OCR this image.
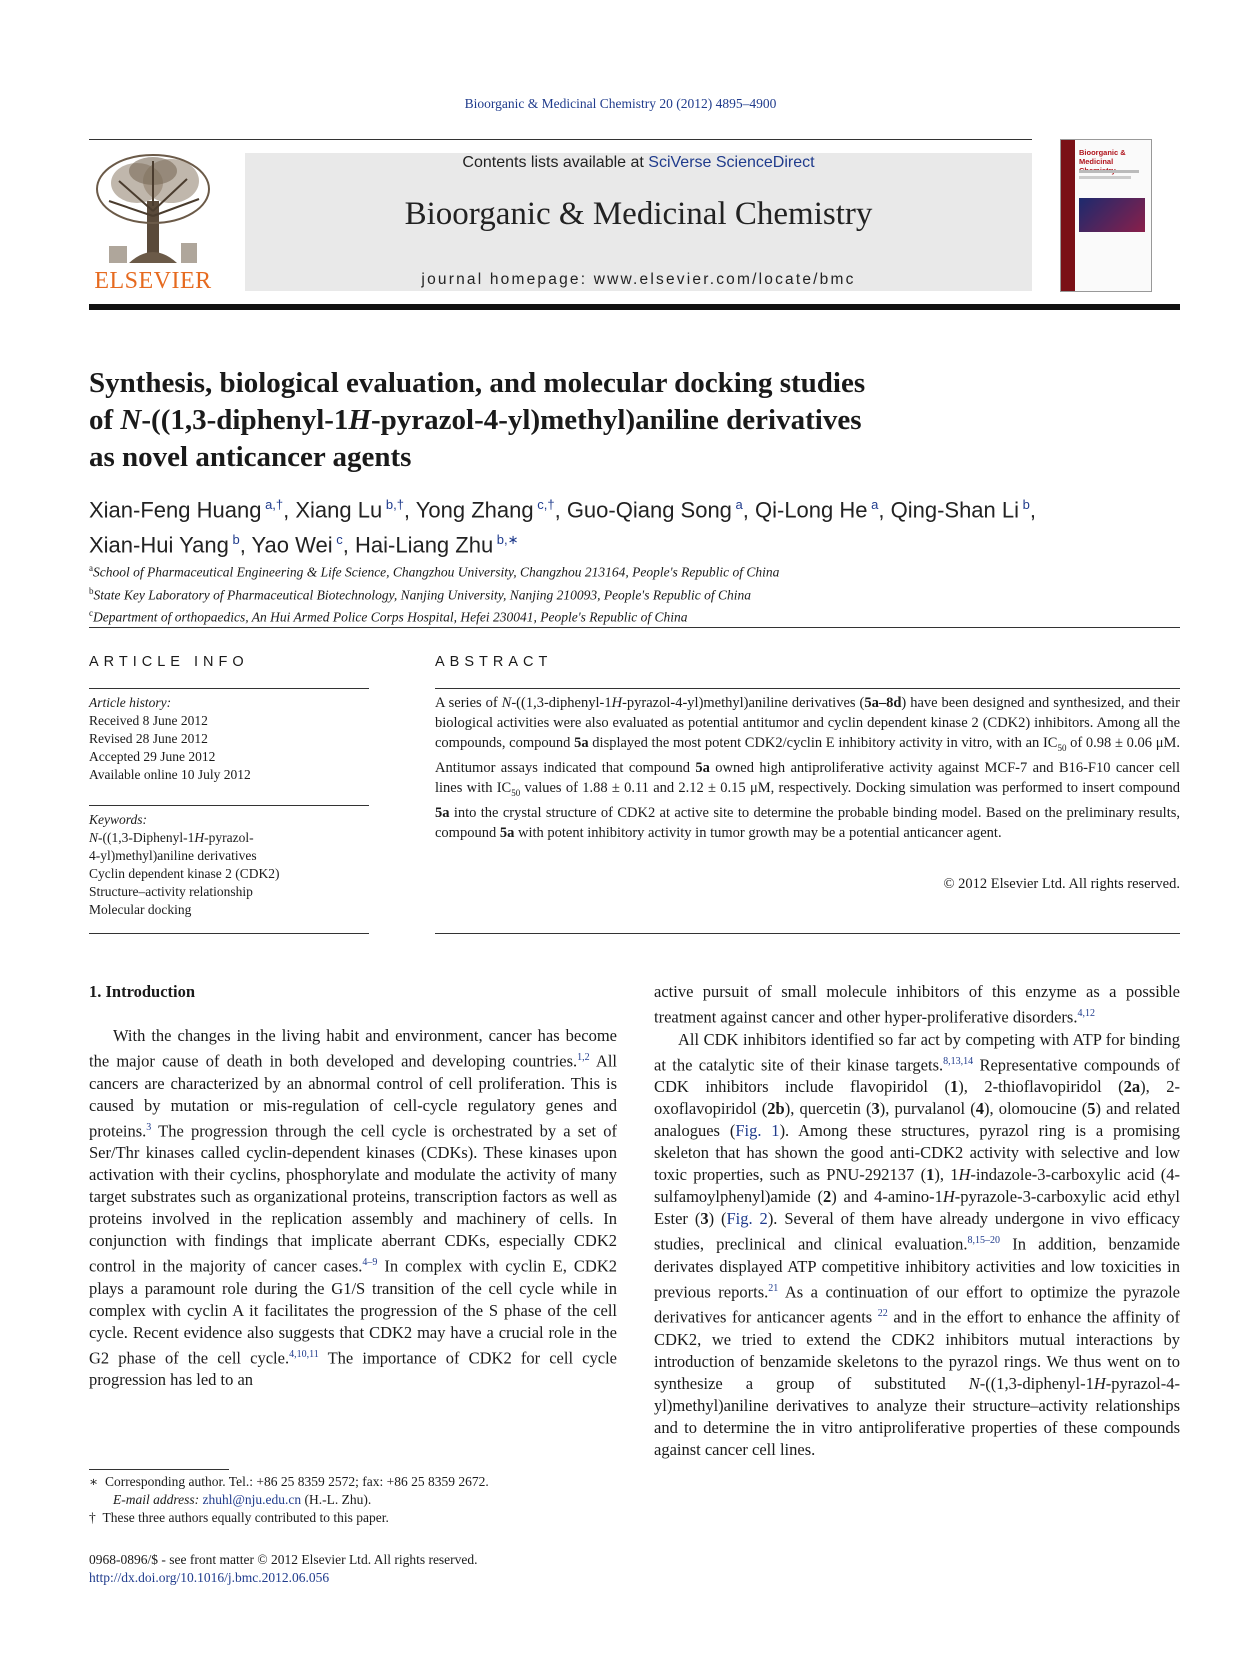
Bioorganic & Medicinal Chemistry 20 (2012) 4895–4900
ELSEVIER
Contents lists available at SciVerse ScienceDirect
Bioorganic & Medicinal Chemistry
journal homepage: www.elsevier.com/locate/bmc
Bioorganic & Medicinal
Synthesis, biological evaluation, and molecular docking studies
of N-((1,3-diphenyl-1H-pyrazol-4-yl)methyl)aniline derivatives
as novel anticancer agents
Xian-Feng Huang $^{a,\dagger}$, Xiang Lu $^{b,\dagger}$, Yong Zhang $^{c,\dagger}$, Guo-Qiang Song $^a$, Qi-Long He $^a$, Qing-Shan Li $^b$,
Xian-Hui Yang $^b$, Yao Wei $^c$, Hai-Liang Zhu $^{b,∗}$
$^a$School of Pharmaceutical Engineering & Life Science, Changzhou University, Changzhou 213164, People's Republic of China
$^b$State Key Laboratory of Pharmaceutical Biotechnology, Nanjing University, Nanjing 210093, People's Republic of China
$^c$Department of orthopaedics, An Hui Armed Police Corps Hospital, Hefei 230041, People's Republic of China
ARTICLE INFO
Article history:
Received 8 June 2012
Revised 28 June 2012
Accepted 29 June 2012
Available online 10 July 2012
Keywords:
N-((1,3-Diphenyl-1H-pyrazol-
4-yl)methyl)aniline derivatives
Cyclin dependent kinase 2 (CDK2)
Structure–activity relationship
Molecular docking
ABSTRACT
A series of N-((1,3-diphenyl-1H-pyrazol-4-yl)methyl)aniline derivatives (5a–8d) have been designed and synthesized, and their biological activities were also evaluated as potential antitumor and cyclin dependent kinase 2 (CDK2) inhibitors. Among all the compounds, compound 5a displayed the most potent CDK2/cyclin E inhibitory activity in vitro, with an $IC_{50}$ of 0.98 ± 0.06 μM. Antitumor assays indicated that compound 5a owned high antiproliferative activity against MCF-7 and B16-F10 cancer cell lines with $IC_{50}$ values of 1.88 ± 0.11 and 2.12 ± 0.15 μM, respectively. Docking simulation was performed to insert compound 5a into the crystal structure of CDK2 at active site to determine the probable binding model. Based on the preliminary results, compound 5a with potent inhibitory activity in tumor growth may be a potential anticancer agent.
© 2012 Elsevier Ltd. All rights reserved.
1. Introduction

With the changes in the living habit and environment, cancer has become the major cause of death in both developed and developing countries.$^{1,2}$ All cancers are characterized by an abnormal control of cell proliferation. This is caused by mutation or mis-regulation of cell-cycle regulatory genes and proteins.$^3$ The progression through the cell cycle is orchestrated by a set of Ser/Thr kinases called cyclin-dependent kinases (CDKs). These kinases upon activation with their cyclins, phosphorylate and modulate the activity of many target substrates such as organizational proteins, transcription factors as well as proteins involved in the replication assembly and machinery of cells. In conjunction with findings that implicate aberrant CDKs, especially CDK2 control in the majority of cancer cases.$^{4-9}$ In complex with cyclin E, CDK2 plays a paramount role during the G1/S transition of the cell cycle while in complex with cyclin A it facilitates the progression of the S phase of the cell cycle. Recent evidence also suggests that CDK2 may have a crucial role in the G2 phase of the cell cycle.$^{4,10,11}$ The importance of CDK2 for cell cycle progression has led to an

active pursuit of small molecule inhibitors of this enzyme as a possible treatment against cancer and other hyper-proliferative disorders.$^{4,12}$

All CDK inhibitors identified so far act by competing with ATP for binding at the catalytic site of their kinase targets.$^{8,13,14}$ Representative compounds of CDK inhibitors include flavopiridol (1), 2-thioflavopiridol (2a), 2-oxoflavopiridol (2b), quercetin (3), purvalanol (4), olomoucine (5) and related analogues (Fig. 1). Among these structures, pyrazol ring is a promising skeleton that has shown the good anti-CDK2 activity with selective and low toxic properties, such as PNU-292137 (1), 1H-indazole-3-carboxylic acid (4-sulfamoylphenyl)amide (2) and 4-amino-1H-pyrazole-3-carboxylic acid ethyl Ester (3) (Fig. 2). Several of them have already undergone in vivo efficacy studies, preclinical and clinical evaluation.$^{8,15-20}$ In addition, benzamide derivates displayed ATP competitive inhibitory activities and low toxicities in previous reports.$^{21}$ As a continuation of our effort to optimize the pyrazole derivatives for anticancer agents $^{22}$ and in the effort to enhance the affinity of CDK2, we tried to extend the CDK2 inhibitors mutual interactions by introduction of benzamide skeletons to the pyrazol rings. We thus went on to synthesize a group of substituted N-((1,3-diphenyl-1H-pyrazol-4-yl)methyl)aniline derivatives to analyze their structure–activity relationships and to determine the in vitro antiproliferative properties of these compounds against cancer cell lines.

∗ Corresponding author. Tel.: +86 25 8359 2572; fax: +86 25 8359 2672.
E-mail address: zhuhl@nju.edu.cn (H.-L. Zhu).
† These three authors equally contributed to this paper.
0968-0896/$ - see front matter © 2012 Elsevier Ltd. All rights reserved.
http://dx.doi.org/10.1016/j.bmc.2012.06.056
